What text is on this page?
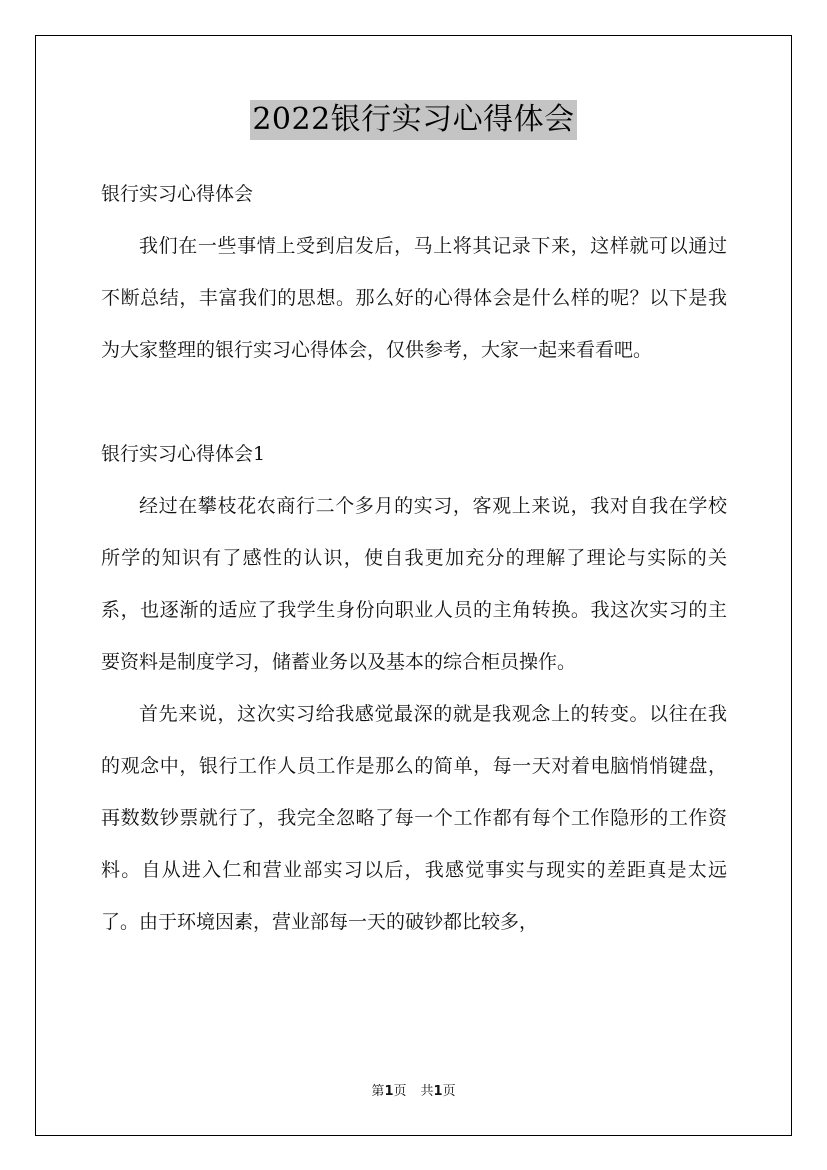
2022银行实习心得体会

银行实习心得体会

我们在一些事情上受到启发后，马上将其记录下来，这样就可以通过不断总结，丰富我们的思想。那么好的心得体会是什么样的呢？以下是我为大家整理的银行实习心得体会，仅供参考，大家一起来看看吧。

银行实习心得体会1

经过在攀枝花农商行二个多月的实习，客观上来说，我对自我在学校所学的知识有了感性的认识，使自我更加充分的理解了理论与实际的关系，也逐渐的适应了我学生身份向职业人员的主角转换。我这次实习的主要资料是制度学习，储蓄业务以及基本的综合柜员操作。

首先来说，这次实习给我感觉最深的就是我观念上的转变。以往在我的观念中，银行工作人员工作是那么的简单，每一天对着电脑悄悄键盘，再数数钞票就行了，我完全忽略了每一个工作都有每个工作隐形的工作资料。自从进入仁和营业部实习以后，我感觉事实与现实的差距真是太远了。由于环境因素，营业部每一天的破钞都比较多，

第1页 共1页
